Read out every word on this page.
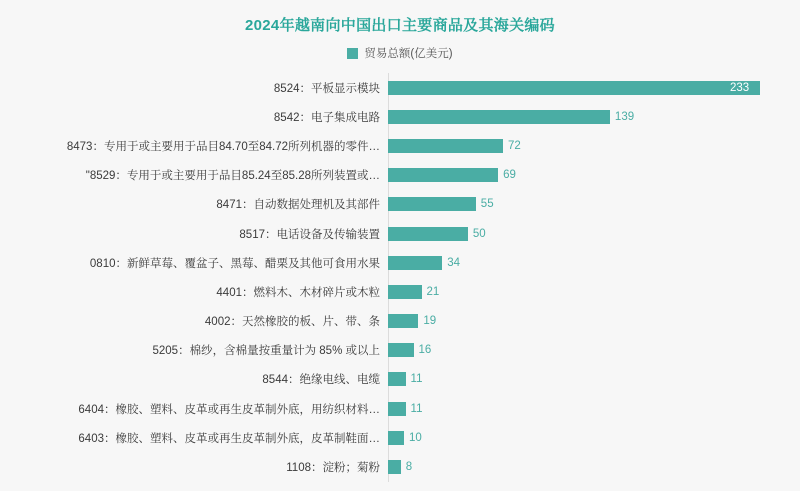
2024年越南向中国出口主要商品及其海关编码
贸易总额(亿美元)
8524：平板显示模块	233
8542：电子集成电路	139
8473：专用于或主要用于品目84.70至84.72所列机器的零件…	72
"8529：专用于或主要用于品目85.24至85.28所列装置或…	69
8471：自动数据处理机及其部件	55
8517：电话设备及传输装置	50
0810：新鲜草莓、覆盆子、黑莓、醋栗及其他可食用水果	34
4401：燃料木、木材碎片或木粒	21
4002：天然橡胶的板、片、带、条	19
5205：棉纱，含棉量按重量计为 85% 或以上	16
8544：绝缘电线、电缆	11
6404：橡胶、塑料、皮革或再生皮革制外底，用纺织材料…	11
6403：橡胶、塑料、皮革或再生皮革制外底，皮革制鞋面…	10
1108：淀粉；菊粉	8
